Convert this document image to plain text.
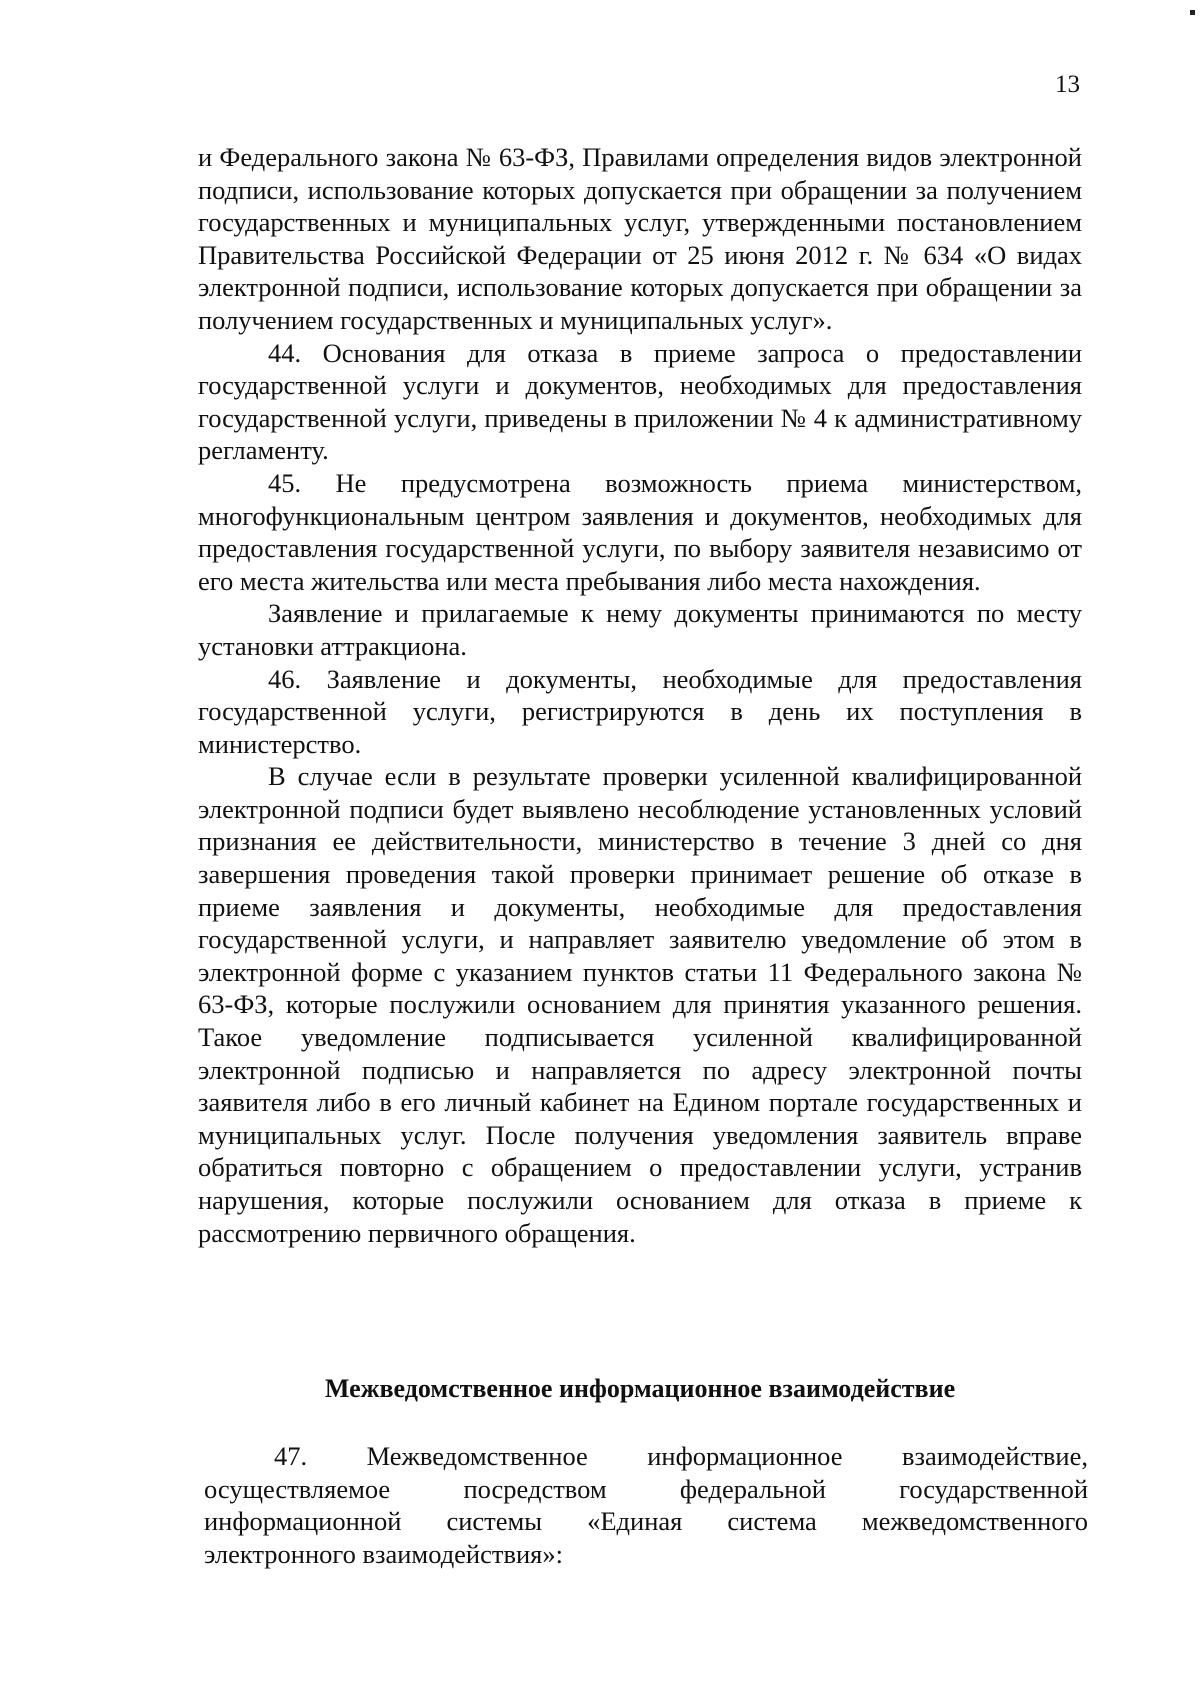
13

и Федерального закона № 63-ФЗ, Правилами определения видов электронной подписи, использование которых допускается при обращении за получением государственных и муниципальных услуг, утвержденными постановлением Правительства Российской Федерации от 25 июня 2012 г. № 634 «О видах электронной подписи, использование которых допускается при обращении за получением государственных и муниципальных услуг».

44. Основания для отказа в приеме запроса о предоставлении государственной услуги и документов, необходимых для предоставления государственной услуги, приведены в приложении № 4 к административному регламенту.

45. Не предусмотрена возможность приема министерством, многофункциональным центром заявления и документов, необходимых для предоставления государственной услуги, по выбору заявителя независимо от его места жительства или места пребывания либо места нахождения.

Заявление и прилагаемые к нему документы принимаются по месту установки аттракциона.

46. Заявление и документы, необходимые для предоставления государственной услуги, регистрируются в день их поступления в министерство.

В случае если в результате проверки усиленной квалифицированной электронной подписи будет выявлено несоблюдение установленных условий признания ее действительности, министерство в течение 3 дней со дня завершения проведения такой проверки принимает решение об отказе в приеме заявления и документы, необходимые для предоставления государственной услуги, и направляет заявителю уведомление об этом в электронной форме с указанием пунктов статьи 11 Федерального закона № 63-ФЗ, которые послужили основанием для принятия указанного решения. Такое уведомление подписывается усиленной квалифицированной электронной подписью и направляется по адресу электронной почты заявителя либо в его личный кабинет на Едином портале государственных и муниципальных услуг. После получения уведомления заявитель вправе обратиться повторно с обращением о предоставлении услуги, устранив нарушения, которые послужили основанием для отказа в приеме к рассмотрению первичного обращения.

Межведомственное информационное взаимодействие

47. Межведомственное информационное взаимодействие, осуществляемое посредством федеральной государственной информационной системы «Единая система межведомственного электронного взаимодействия»:
